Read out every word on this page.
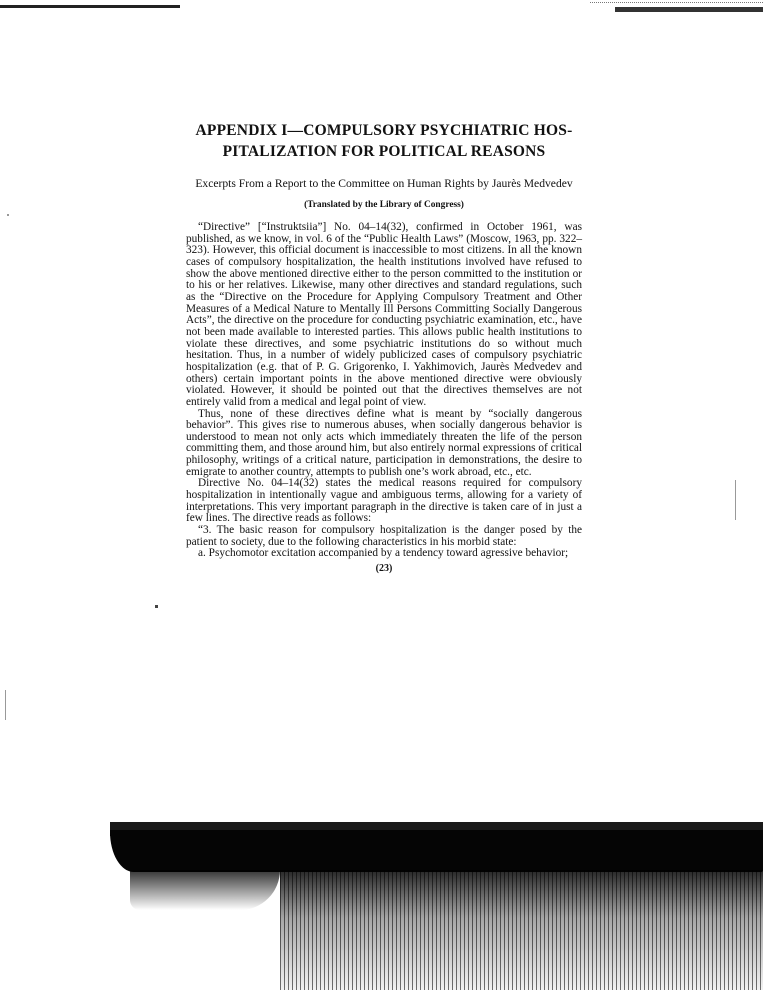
APPENDIX I—COMPULSORY PSYCHIATRIC HOS-
PITALIZATION FOR POLITICAL REASONS
Excerpts From a Report to the Committee on Human Rights by Jaurès Medvedev
(Translated by the Library of Congress)

“Directive” [“Instruktsiia”] No. 04–14(32), confirmed in October 1961, was published, as we know, in vol. 6 of the “Public Health Laws” (Moscow, 1963, pp. 322–323). However, this official document is inaccessible to most citizens. In all the known cases of compulsory hospitalization, the health institutions involved have refused to show the above mentioned directive either to the person committed to the institution or to his or her relatives. Likewise, many other directives and standard regulations, such as the “Directive on the Procedure for Applying Compulsory Treatment and Other Measures of a Medical Nature to Mentally Ill Persons Committing Socially Dangerous Acts”, the directive on the procedure for conducting psychiatric examination, etc., have not been made available to interested parties. This allows public health institutions to violate these directives, and some psychiatric institutions do so without much hesitation. Thus, in a number of widely publicized cases of compulsory psychiatric hospitalization (e.g. that of P. G. Grigorenko, I. Yakhimovich, Jaurès Medvedev and others) certain important points in the above mentioned directive were obviously violated. However, it should be pointed out that the directives themselves are not entirely valid from a medical and legal point of view.

Thus, none of these directives define what is meant by “socially dangerous behavior”. This gives rise to numerous abuses, when socially dangerous behavior is understood to mean not only acts which immediately threaten the life of the person committing them, and those around him, but also entirely normal expressions of critical philosophy, writings of a critical nature, participation in demonstrations, the desire to emigrate to another country, attempts to publish one’s work abroad, etc., etc.

Directive No. 04–14(32) states the medical reasons required for compulsory hospitalization in intentionally vague and ambiguous terms, allowing for a variety of interpretations. This very important paragraph in the directive is taken care of in just a few lines. The directive reads as follows:

“3. The basic reason for compulsory hospitalization is the danger posed by the patient to society, due to the following characteristics in his morbid state:

a. Psychomotor excitation accompanied by a tendency toward agressive behavior;

(23)
